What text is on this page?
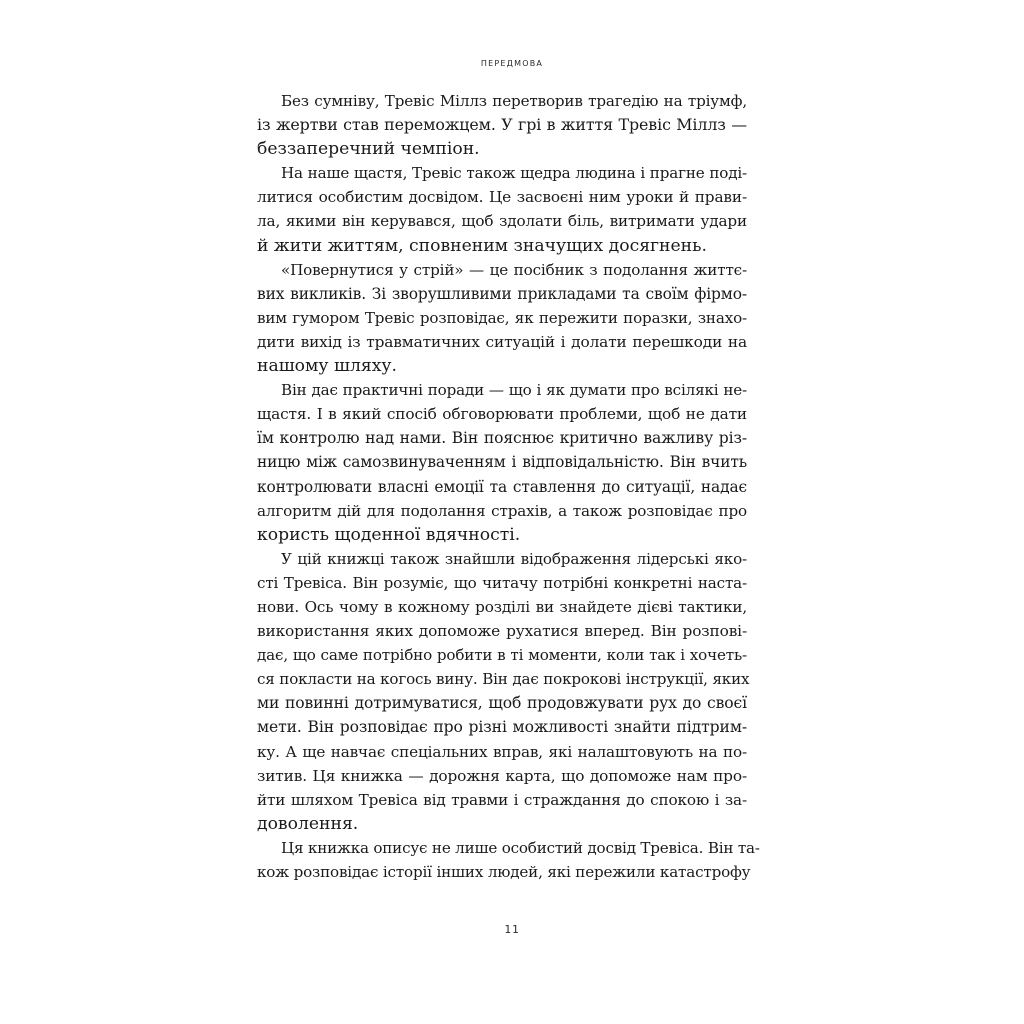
передмова
Без сумніву, Тревіс Міллз перетворив трагедію на тріумф,
із жертви став переможцем. У грі в життя Тревіс Міллз —
беззаперечний чемпіон.
На наше щастя, Тревіс також щедра людина і прагне поді-
литися особистим досвідом. Це засвоєні ним уроки й прави-
ла, якими він керувався, щоб здолати біль, витримати удари
й жити життям, сповненим значущих досягнень.
«Повернутися у стрій» — це посібник з подолання життє-
вих викликів. Зі зворушливими прикладами та своїм фірмо-
вим гумором Тревіс розповідає, як пережити поразки, знахо-
дити вихід із травматичних ситуацій і долати перешкоди на
нашому шляху.
Він дає практичні поради — що і як думати про всілякі не-
щастя. І в який спосіб обговорювати проблеми, щоб не дати
їм контролю над нами. Він пояснює критично важливу різ-
ницю між самозвинуваченням і відповідальністю. Він вчить
контролювати власні емоції та ставлення до ситуації, надає
алгоритм дій для подолання страхів, а також розповідає про
користь щоденної вдячності.
У цій книжці також знайшли відображення лідерські яко-
сті Тревіса. Він розуміє, що читачу потрібні конкретні наста-
нови. Ось чому в кожному розділі ви знайдете дієві тактики,
використання яких допоможе рухатися вперед. Він розпові-
дає, що саме потрібно робити в ті моменти, коли так і хочеть-
ся покласти на когось вину. Він дає покрокові інструкції, яких
ми повинні дотримуватися, щоб продовжувати рух до своєї
мети. Він розповідає про різні можливості знайти підтрим-
ку. А ще навчає спеціальних вправ, які налаштовують на по-
зитив. Ця книжка — дорожня карта, що допоможе нам про-
йти шляхом Тревіса від травми і страждання до спокою і за-
доволення.
Ця книжка описує не лише особистий досвід Тревіса. Він та-
кож розповідає історії інших людей, які пережили катастрофу
11
